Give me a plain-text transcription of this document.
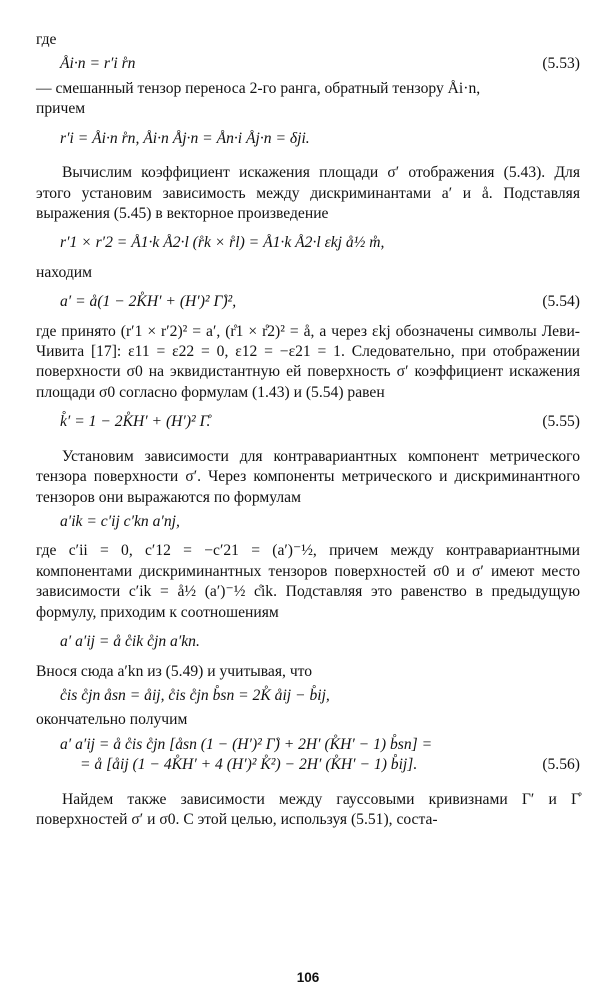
где

Åi·n = r′i r̊n	(5.53)

— смешанный тензор переноса 2-го ранга, обратный тензору Åi·n,

причем

r′i = Åi·n r̊n, Åi·n Åj·n = Ån·i Åj·n = δji.

Вычислим коэффициент искажения площади σ′ отображения (5.43). Для этого установим зависимость между дискриминантами a′ и å. Подставляя выражения (5.45) в векторное произведение

r′1 × r′2 = Å1·k Å2·l (r̊k × r̊l) = Å1·k Å2·l εkj å½ m̊,

находим

a′ = å(1 − 2K̊H′ + (H′)² Γ̊)²,	(5.54)

где принято (r′1 × r′2)² = a′, (r̊1 × r̊2)² = å, а через εkj обозначены символы Леви-Чивита [17]: ε11 = ε22 = 0, ε12 = −ε21 = 1. Следовательно, при отображении поверхности σ0 на эквидистантную ей поверхность σ′ коэффициент искажения площади σ0 согласно формулам (1.43) и (5.54) равен

k̊′ = 1 − 2K̊H′ + (H′)² Γ̊.	(5.55)

Установим зависимости для контравариантных компонент метрического тензора поверхности σ′. Через компоненты метрического и дискриминантного тензоров они выражаются по формулам

a′ik = c′ij c′kn a′nj,

где c′ii = 0, c′12 = −c′21 = (a′)⁻½, причем между контравариантными компонентами дискриминантных тензоров поверхностей σ0 и σ′ имеют место зависимости c′ik = å½ (a′)⁻½ c̊ik. Подставляя это равенство в предыдущую формулу, приходим к соотношениям

a′ a′ij = å c̊ik c̊jn a′kn.

Внося сюда a′kn из (5.49) и учитывая, что

c̊is c̊jn åsn = åij, c̊is c̊jn b̊sn = 2K̊ åij − b̊ij,

окончательно получим

a′ a′ij = å c̊is c̊jn [åsn (1 − (H′)² Γ̊) + 2H′ (K̊H′ − 1) b̊sn] =
= å [åij (1 − 4K̊H′ + 4 (H′)² K̊²) − 2H′ (K̊H′ − 1) b̊ij].	(5.56)

Найдем также зависимости между гауссовыми кривизнами Γ′ и Γ̊ поверхностей σ′ и σ0. С этой целью, используя (5.51), соста-

106
